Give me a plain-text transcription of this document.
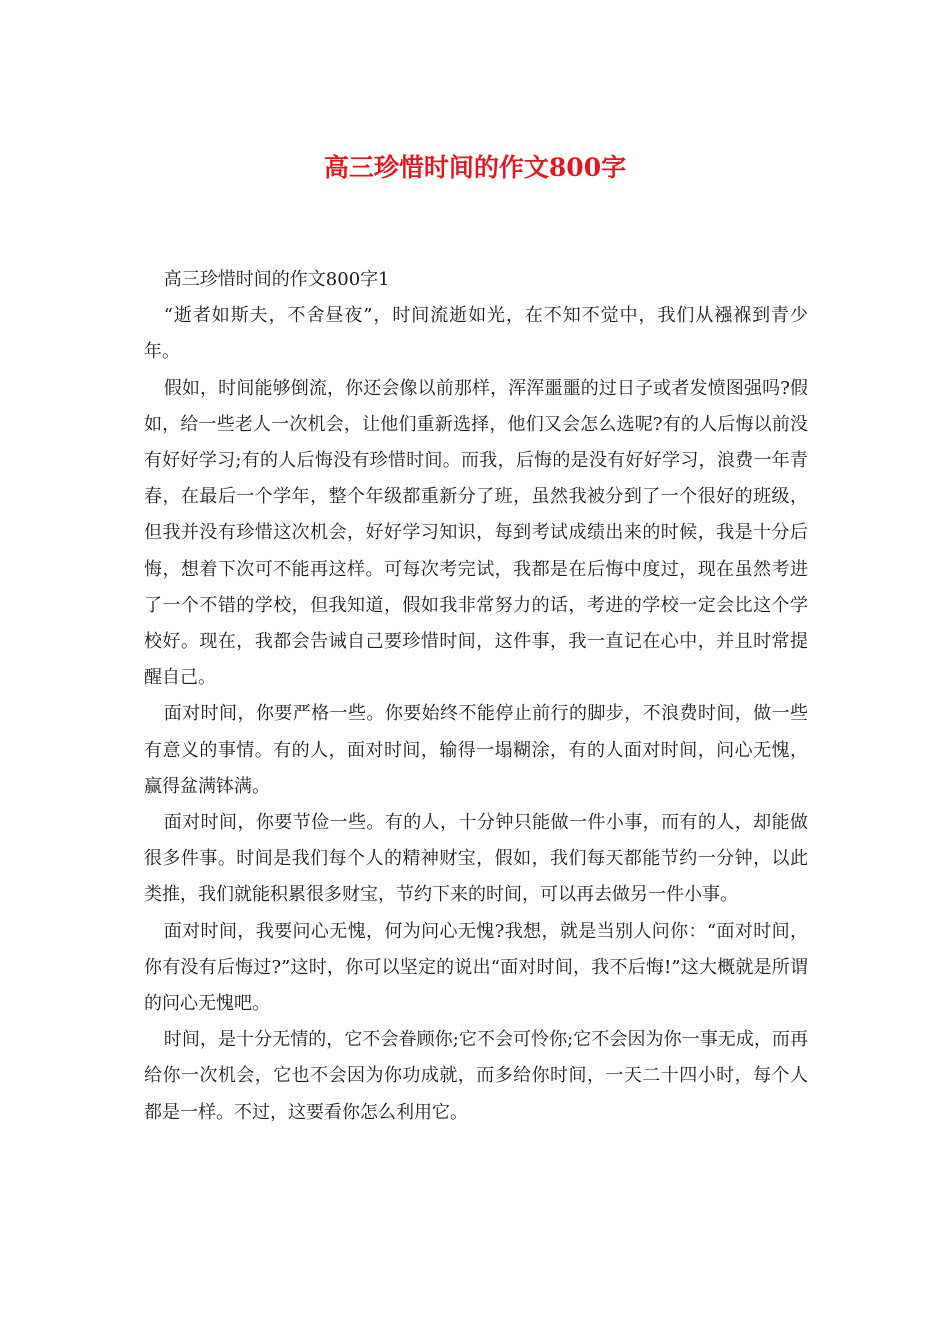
高三珍惜时间的作文800字

高三珍惜时间的作文800字1

“逝者如斯夫，不舍昼夜”，时间流逝如光，在不知不觉中，我们从襁褓到青少年。

假如，时间能够倒流，你还会像以前那样，浑浑噩噩的过日子或者发愤图强吗?假如，给一些老人一次机会，让他们重新选择，他们又会怎么选呢?有的人后悔以前没有好好学习;有的人后悔没有珍惜时间。而我，后悔的是没有好好学习，浪费一年青春，在最后一个学年，整个年级都重新分了班，虽然我被分到了一个很好的班级，但我并没有珍惜这次机会，好好学习知识，每到考试成绩出来的时候，我是十分后悔，想着下次可不能再这样。可每次考完试，我都是在后悔中度过，现在虽然考进了一个不错的学校，但我知道，假如我非常努力的话，考进的学校一定会比这个学校好。现在，我都会告诫自己要珍惜时间，这件事，我一直记在心中，并且时常提醒自己。

面对时间，你要严格一些。你要始终不能停止前行的脚步，不浪费时间，做一些有意义的事情。有的人，面对时间，输得一塌糊涂，有的人面对时间，问心无愧，赢得盆满钵满。

面对时间，你要节俭一些。有的人，十分钟只能做一件小事，而有的人，却能做很多件事。时间是我们每个人的精神财宝，假如，我们每天都能节约一分钟，以此类推，我们就能积累很多财宝，节约下来的时间，可以再去做另一件小事。

面对时间，我要问心无愧，何为问心无愧?我想，就是当别人问你：“面对时间，你有没有后悔过?”这时，你可以坚定的说出“面对时间，我不后悔!”这大概就是所谓的问心无愧吧。

时间，是十分无情的，它不会眷顾你;它不会可怜你;它不会因为你一事无成，而再给你一次机会，它也不会因为你功成就，而多给你时间，一天二十四小时，每个人都是一样。不过，这要看你怎么利用它。
